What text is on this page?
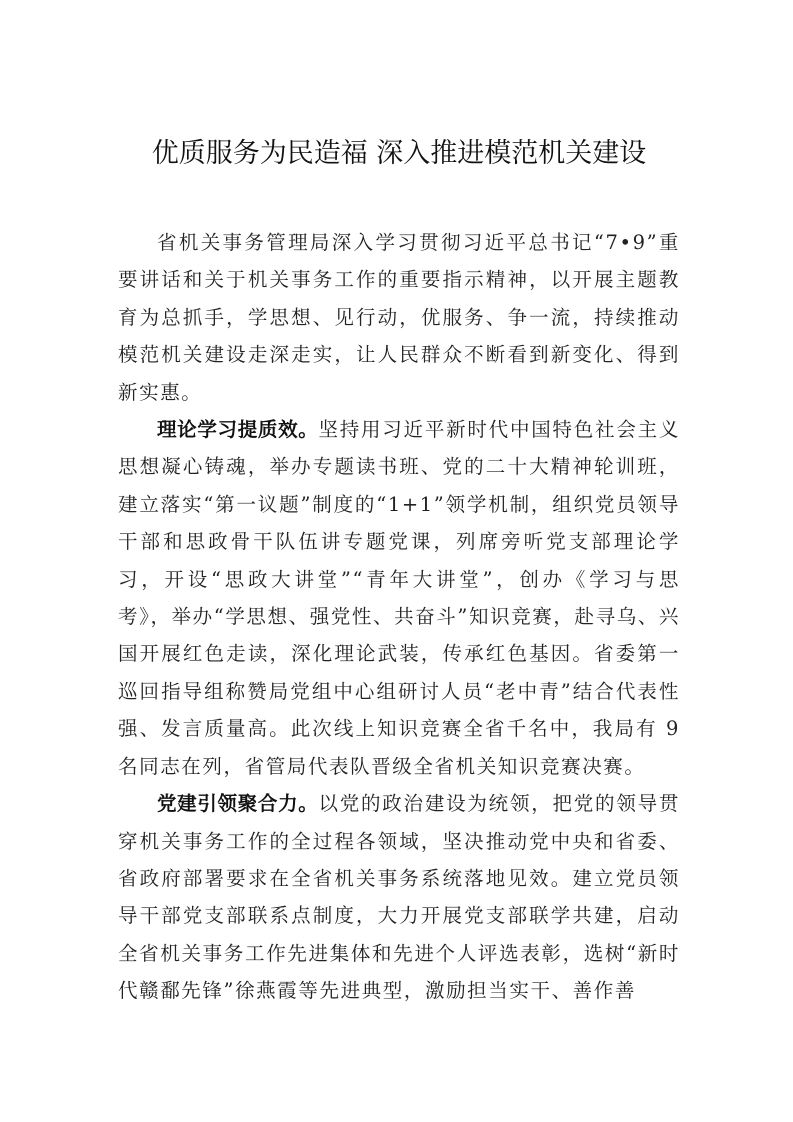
优质服务为民造福 深入推进模范机关建设

省机关事务管理局深入学习贯彻习近平总书记“7•9”重要讲话和关于机关事务工作的重要指示精神，以开展主题教育为总抓手，学思想、见行动，优服务、争一流，持续推动模范机关建设走深走实，让人民群众不断看到新变化、得到新实惠。

理论学习提质效。坚持用习近平新时代中国特色社会主义思想凝心铸魂，举办专题读书班、党的二十大精神轮训班，建立落实“第一议题”制度的“1+1”领学机制，组织党员领导干部和思政骨干队伍讲专题党课，列席旁听党支部理论学习，开设“思政大讲堂”“青年大讲堂”，创办《学习与思考》，举办“学思想、强党性、共奋斗”知识竞赛，赴寻乌、兴国开展红色走读，深化理论武装，传承红色基因。省委第一巡回指导组称赞局党组中心组研讨人员“老中青”结合代表性强、发言质量高。此次线上知识竞赛全省千名中，我局有 9 名同志在列，省管局代表队晋级全省机关知识竞赛决赛。

党建引领聚合力。以党的政治建设为统领，把党的领导贯穿机关事务工作的全过程各领域，坚决推动党中央和省委、省政府部署要求在全省机关事务系统落地见效。建立党员领导干部党支部联系点制度，大力开展党支部联学共建，启动全省机关事务工作先进集体和先进个人评选表彰，选树“新时代赣鄱先锋”徐燕霞等先进典型，激励担当实干、善作善
